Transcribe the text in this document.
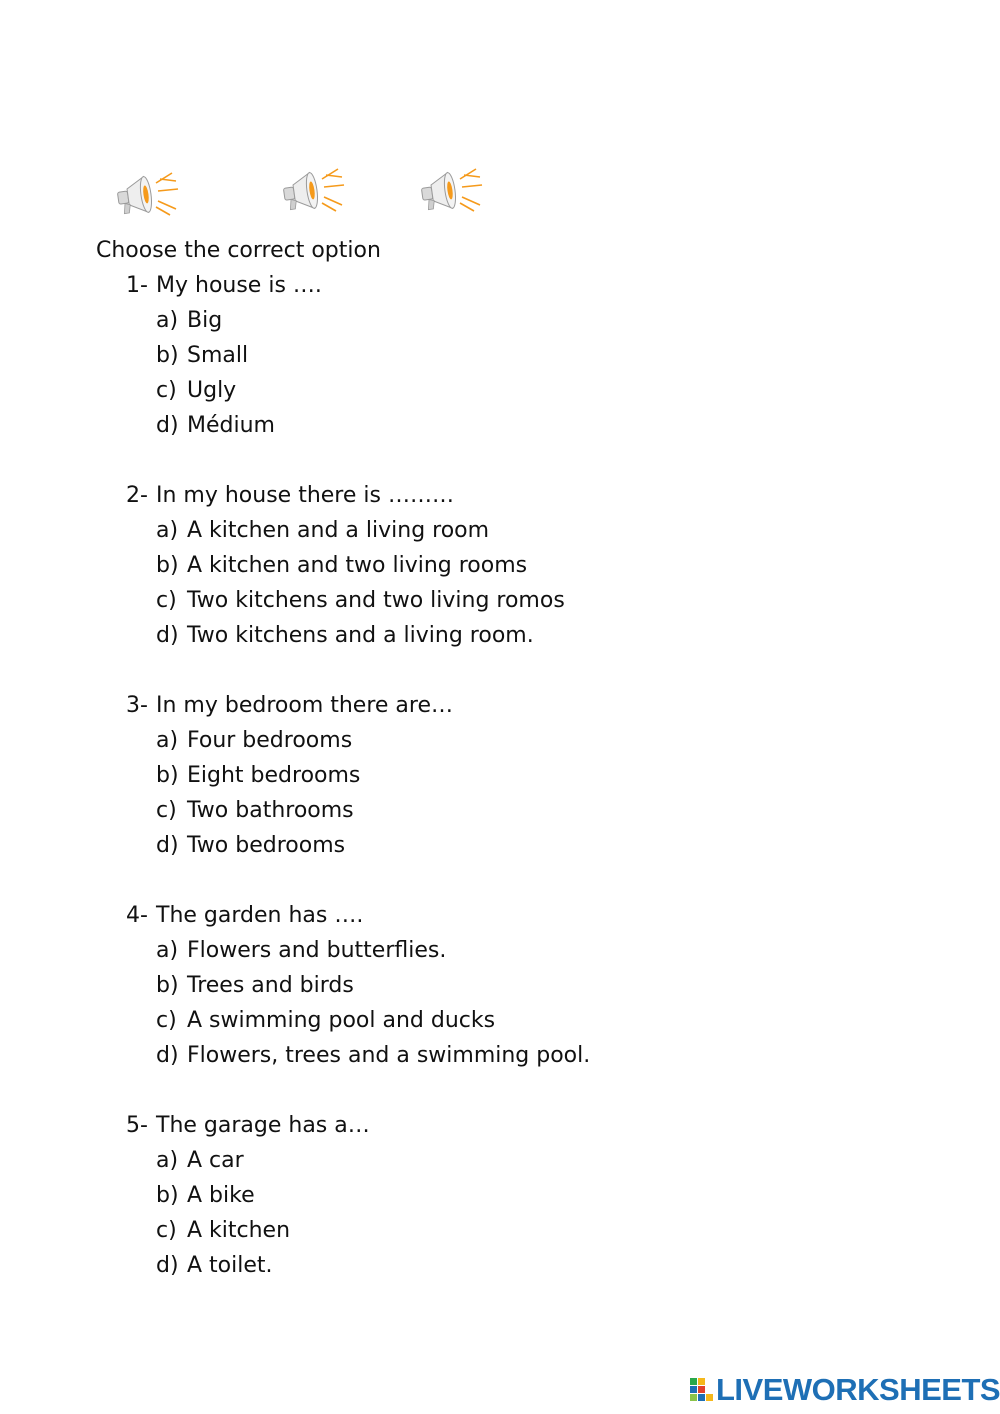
Choose the correct option
1- My house is ….
a) Big
b) Small
c) Ugly
d) Médium
2- In my house there is ………
a) A kitchen and a living room
b) A kitchen and two living rooms
c) Two kitchens and two living romos
d) Two kitchens and a living room.
3- In my bedroom there are…
a) Four bedrooms
b) Eight bedrooms
c) Two bathrooms
d) Two bedrooms
4- The garden has ….
a) Flowers and butterflies.
b) Trees and birds
c) A swimming pool and ducks
d) Flowers, trees and a swimming pool.
5- The garage has a…
a) A car
b) A bike
c) A kitchen
d) A toilet.
LIVEWORKSHEETS
